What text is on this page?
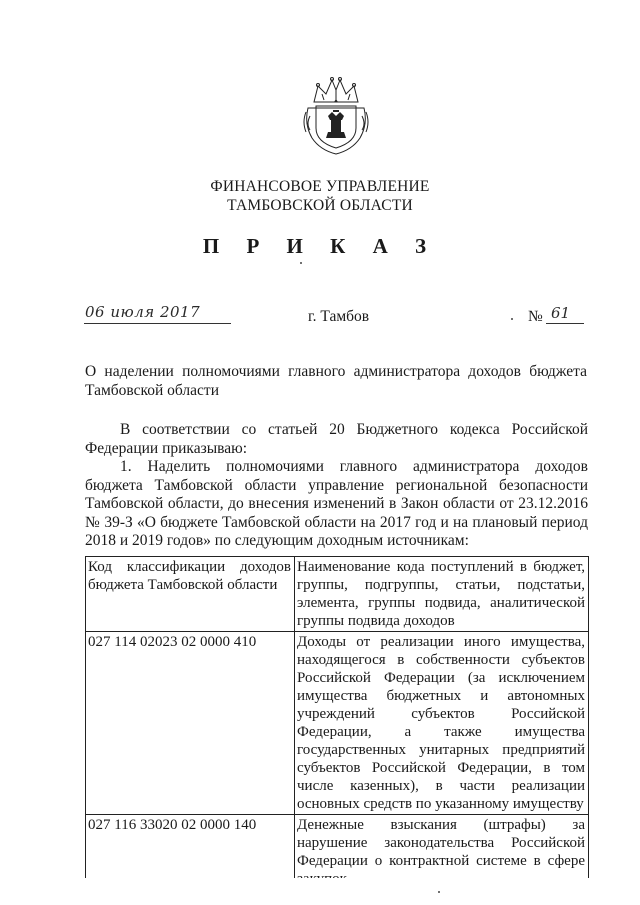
ФИНАНСОВОЕ УПРАВЛЕНИЕ
ТАМБОВСКОЙ ОБЛАСТИ
П Р И К А З
06 июля 2017	г. Тамбов	№ 61
О наделении полномочиями главного администратора доходов бюджета Тамбовской области

В соответствии со статьей 20 Бюджетного кодекса Российской Федерации приказываю:

1. Наделить полномочиями главного администратора доходов бюджета Тамбовской области управление региональной безопасности Тамбовской области, до внесения изменений в Закон области от 23.12.2016 № 39-З «О бюджете Тамбовской области на 2017 год и на плановый период 2018 и 2019 годов» по следующим доходным источникам:

Код классификации доходов бюджета Тамбовской области	Наименование кода поступлений в бюджет, группы, подгруппы, статьи, подстатьи, элемента, группы подвида, аналитической группы подвида доходов
027 114 02023 02 0000 410	Доходы от реализации иного имущества, находящегося в собственности субъектов Российской Федерации (за исключением имущества бюджетных и автономных учреждений субъектов Российской Федерации, а также имущества государственных унитарных предприятий субъектов Российской Федерации, в том числе казенных), в части реализации основных средств по указанному имуществу
027 116 33020 02 0000 140	Денежные взыскания (штрафы) за нарушение законодательства Российской Федерации о контрактной системе в сфере
